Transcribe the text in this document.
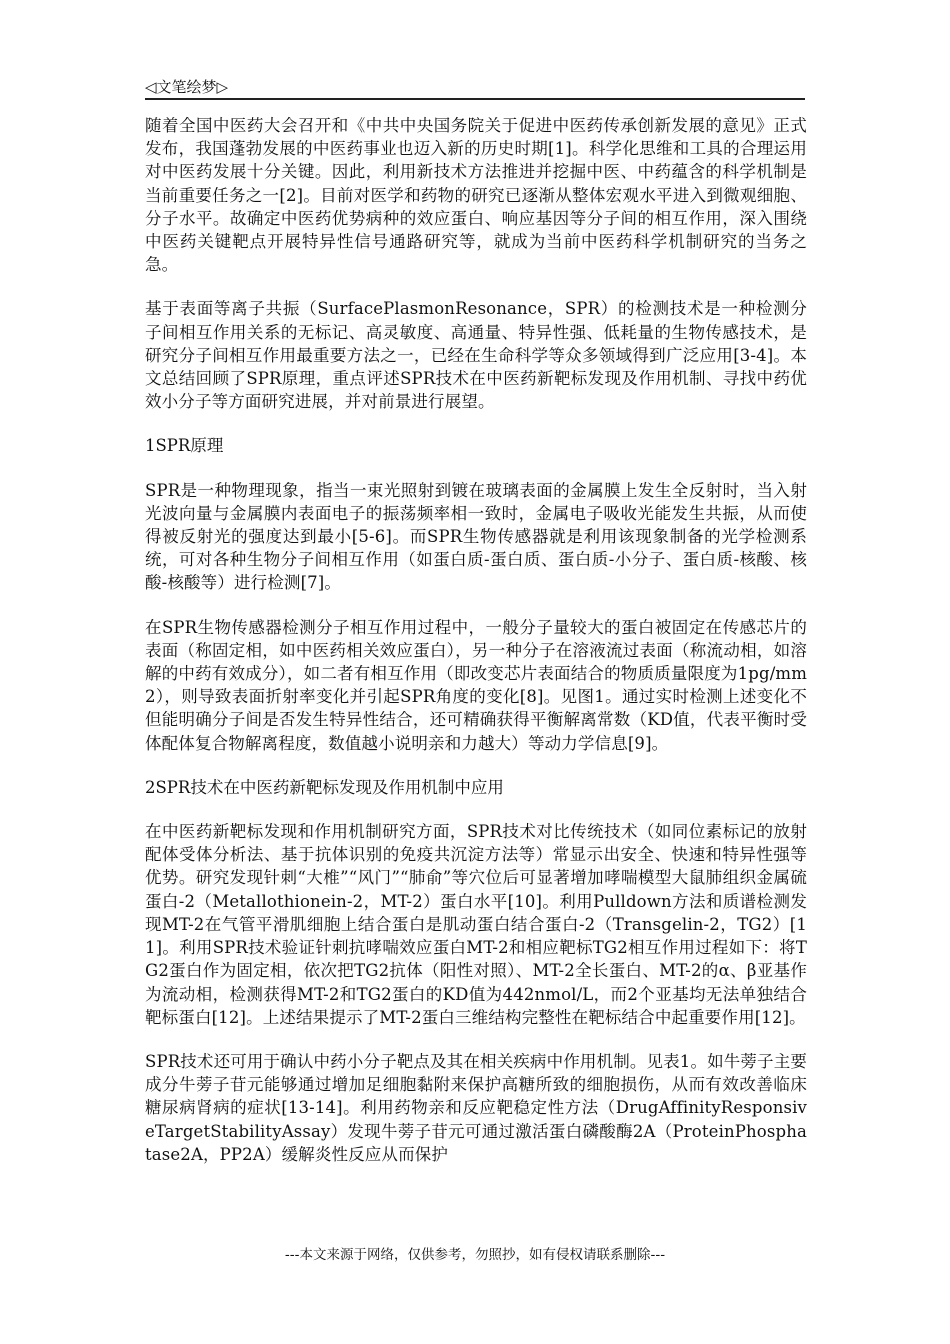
◁文笔绘梦▷

随着全国中医药大会召开和《中共中央国务院关于促进中医药传承创新发展的意见》正式发布，我国蓬勃发展的中医药事业也迈入新的历史时期[1]。科学化思维和工具的合理运用对中医药发展十分关键。因此，利用新技术方法推进并挖掘中医、中药蕴含的科学机制是当前重要任务之一[2]。目前对医学和药物的研究已逐渐从整体宏观水平进入到微观细胞、分子水平。故确定中医药优势病种的效应蛋白、响应基因等分子间的相互作用，深入围绕中医药关键靶点开展特异性信号通路研究等，就成为当前中医药科学机制研究的当务之急。

基于表面等离子共振（SurfacePlasmonResonance，SPR）的检测技术是一种检测分子间相互作用关系的无标记、高灵敏度、高通量、特异性强、低耗量的生物传感技术，是研究分子间相互作用最重要方法之一，已经在生命科学等众多领域得到广泛应用[3-4]。本文总结回顾了SPR原理，重点评述SPR技术在中医药新靶标发现及作用机制、寻找中药优效小分子等方面研究进展，并对前景进行展望。

1SPR原理

SPR是一种物理现象，指当一束光照射到镀在玻璃表面的金属膜上发生全反射时，当入射光波向量与金属膜内表面电子的振荡频率相一致时，金属电子吸收光能发生共振，从而使得被反射光的强度达到最小[5-6]。而SPR生物传感器就是利用该现象制备的光学检测系统，可对各种生物分子间相互作用（如蛋白质-蛋白质、蛋白质-小分子、蛋白质-核酸、核酸-核酸等）进行检测[7]。

在SPR生物传感器检测分子相互作用过程中，一般分子量较大的蛋白被固定在传感芯片的表面（称固定相，如中医药相关效应蛋白），另一种分子在溶液流过表面（称流动相，如溶解的中药有效成分），如二者有相互作用（即改变芯片表面结合的物质质量限度为1pg/mm2），则导致表面折射率变化并引起SPR角度的变化[8]。见图1。通过实时检测上述变化不但能明确分子间是否发生特异性结合，还可精确获得平衡解离常数（KD值，代表平衡时受体配体复合物解离程度，数值越小说明亲和力越大）等动力学信息[9]。

2SPR技术在中医药新靶标发现及作用机制中应用

在中医药新靶标发现和作用机制研究方面，SPR技术对比传统技术（如同位素标记的放射配体受体分析法、基于抗体识别的免疫共沉淀方法等）常显示出安全、快速和特异性强等优势。研究发现针刺“大椎”“风门”“肺俞”等穴位后可显著增加哮喘模型大鼠肺组织金属硫蛋白-2（Metallothionein-2，MT-2）蛋白水平[10]。利用Pulldown方法和质谱检测发现MT-2在气管平滑肌细胞上结合蛋白是肌动蛋白结合蛋白-2（Transgelin-2，TG2）[11]。利用SPR技术验证针刺抗哮喘效应蛋白MT-2和相应靶标TG2相互作用过程如下：将TG2蛋白作为固定相，依次把TG2抗体（阳性对照）、MT-2全长蛋白、MT-2的α、β亚基作为流动相，检测获得MT-2和TG2蛋白的KD值为442nmol/L，而2个亚基均无法单独结合靶标蛋白[12]。上述结果提示了MT-2蛋白三维结构完整性在靶标结合中起重要作用[12]。

SPR技术还可用于确认中药小分子靶点及其在相关疾病中作用机制。见表1。如牛蒡子主要成分牛蒡子苷元能够通过增加足细胞黏附来保护高糖所致的细胞损伤，从而有效改善临床糖尿病肾病的症状[13-14]。利用药物亲和反应靶稳定性方法（DrugAffinityResponsiveTargetStabilityAssay）发现牛蒡子苷元可通过激活蛋白磷酸酶2A（ProteinPhosphatase2A，PP2A）缓解炎性反应从而保护

---本文来源于网络，仅供参考，勿照抄，如有侵权请联系删除---
